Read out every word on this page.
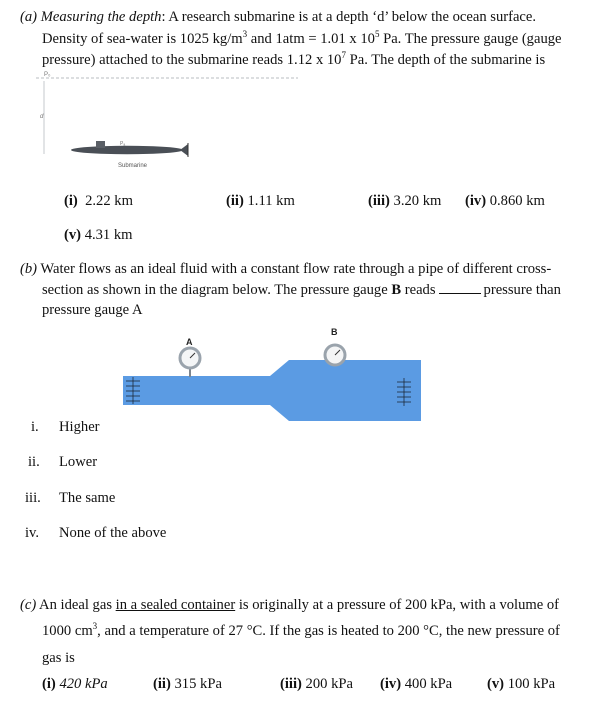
(a) Measuring the depth: A research submarine is at a depth ‘d’ below the ocean surface.
Density of sea-water is 1025 $kg/m^3$ and 1atm = 1.01 x $10^5$ Pa. The pressure gauge (gauge
pressure) attached to the submarine reads 1.12 x $10^7$ Pa. The depth of the submarine is
P₀
d
Pₐ
Submarine
(i) 2.22 km	(ii) 1.11 km	(iii) 3.20 km (iv) 0.860 km
(v) 4.31 km
(b) Water flows as an ideal fluid with a constant flow rate through a pipe of different cross-
section as shown in the diagram below. The pressure gauge B reads	pressure than
pressure gauge A
A
B
i. Higher
ii. Lower
iii. The same
iv. None of the above
(c) An ideal gas in a sealed container is originally at a pressure of 200 kPa, with a volume of
1000 $cm^3$, and a temperature of 27 °C. If the gas is heated to 200 °C, the new pressure of
gas is
(i) 420 kPa	(ii) 315 kPa	(iii) 200 kPa (iv) 400 kPa (v) 100 kPa
